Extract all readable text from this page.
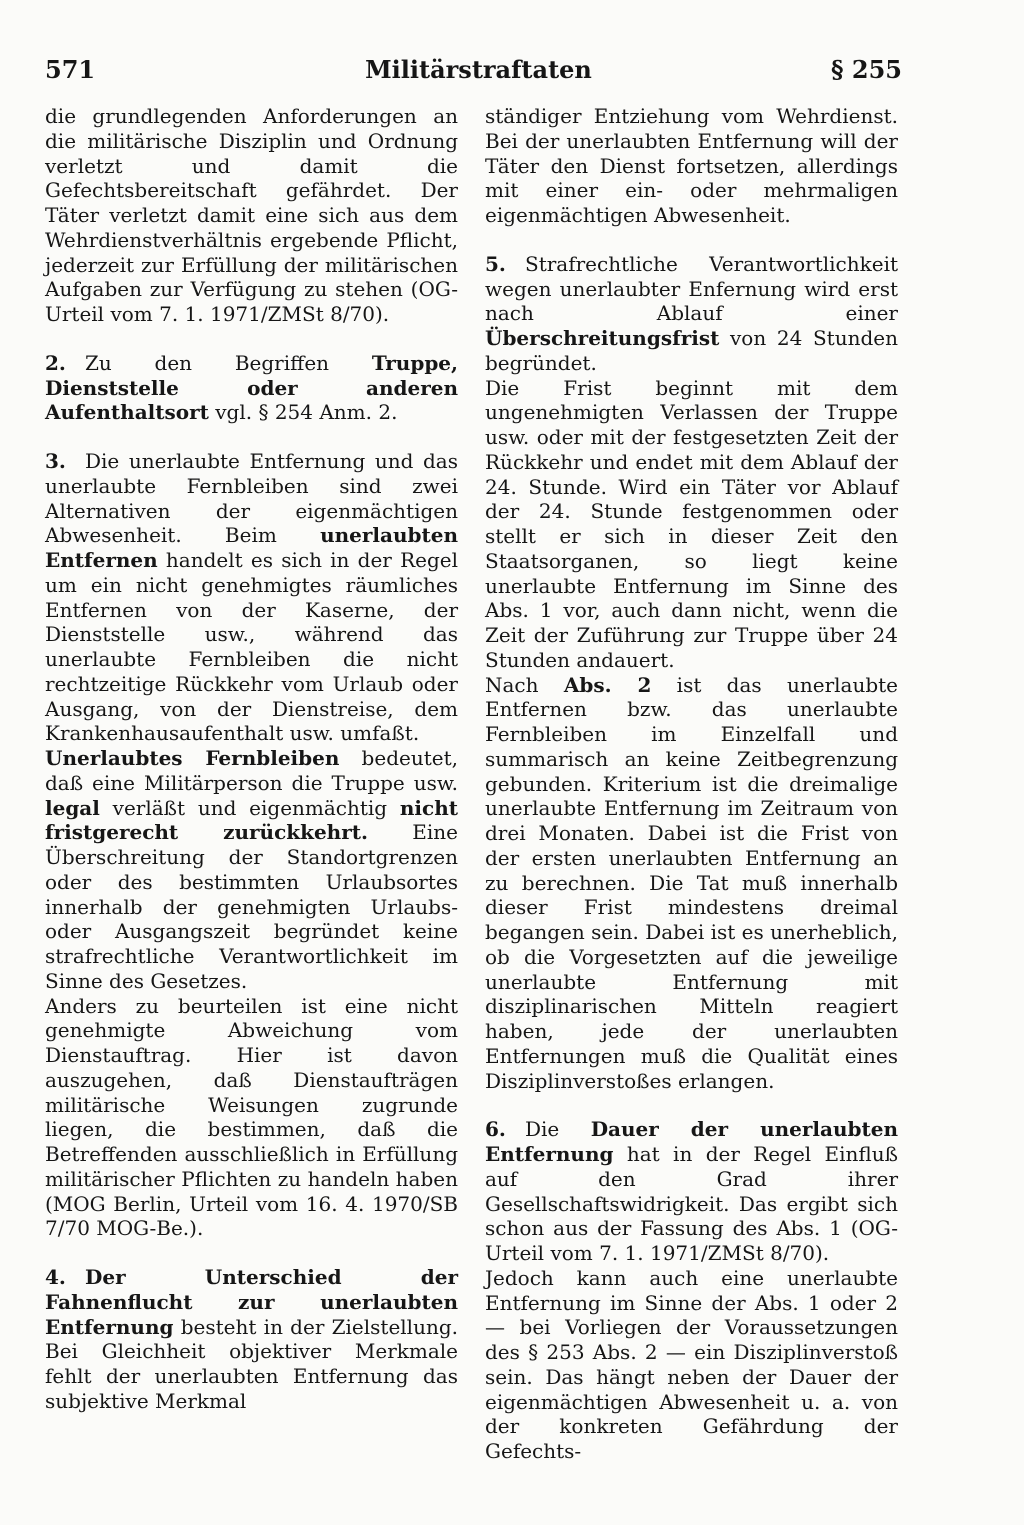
571	Militärstraftaten	§ 255

die grundlegenden Anforderungen an die militärische Disziplin und Ordnung verletzt und damit die Gefechtsbereitschaft gefährdet. Der Täter verletzt damit eine sich aus dem Wehrdienstverhältnis ergebende Pflicht, jederzeit zur Erfüllung der militärischen Aufgaben zur Verfügung zu stehen (OG-Urteil vom 7. 1. 1971/ZMSt 8/70).

2. Zu den Begriffen Truppe, Dienststelle oder anderen Aufenthaltsort vgl. § 254 Anm. 2.

3. Die unerlaubte Entfernung und das unerlaubte Fernbleiben sind zwei Alternativen der eigenmächtigen Abwesenheit. Beim unerlaubten Entfernen handelt es sich in der Regel um ein nicht genehmigtes räumliches Entfernen von der Kaserne, der Dienststelle usw., während das unerlaubte Fernbleiben die nicht rechtzeitige Rückkehr vom Urlaub oder Ausgang, von der Dienstreise, dem Krankenhausaufenthalt usw. umfaßt.

Unerlaubtes Fernbleiben bedeutet, daß eine Militärperson die Truppe usw. legal verläßt und eigenmächtig nicht fristgerecht zurückkehrt. Eine Überschreitung der Standortgrenzen oder des bestimmten Urlaubsortes innerhalb der genehmigten Urlaubs- oder Ausgangszeit begründet keine strafrechtliche Verantwortlichkeit im Sinne des Gesetzes.

Anders zu beurteilen ist eine nicht genehmigte Abweichung vom Dienstauftrag. Hier ist davon auszugehen, daß Dienstaufträgen militärische Weisungen zugrunde liegen, die bestimmen, daß die Betreffenden ausschließlich in Erfüllung militärischer Pflichten zu handeln haben (MOG Berlin, Urteil vom 16. 4. 1970/SB 7/70 MOG-Be.).

4. Der Unterschied der Fahnenflucht zur unerlaubten Entfernung besteht in der Zielstellung. Bei Gleichheit objektiver Merkmale fehlt der unerlaubten Entfernung das subjektive Merkmal

ständiger Entziehung vom Wehrdienst. Bei der unerlaubten Entfernung will der Täter den Dienst fortsetzen, allerdings mit einer ein- oder mehrmaligen eigenmächtigen Abwesenheit.

5. Strafrechtliche Verantwortlichkeit wegen unerlaubter Enfernung wird erst nach Ablauf einer Überschreitungsfrist von 24 Stunden begründet.

Die Frist beginnt mit dem ungenehmigten Verlassen der Truppe usw. oder mit der festgesetzten Zeit der Rückkehr und endet mit dem Ablauf der 24. Stunde. Wird ein Täter vor Ablauf der 24. Stunde festgenommen oder stellt er sich in dieser Zeit den Staatsorganen, so liegt keine unerlaubte Entfernung im Sinne des Abs. 1 vor, auch dann nicht, wenn die Zeit der Zuführung zur Truppe über 24 Stunden andauert.

Nach Abs. 2 ist das unerlaubte Entfernen bzw. das unerlaubte Fernbleiben im Einzelfall und summarisch an keine Zeitbegrenzung gebunden. Kriterium ist die dreimalige unerlaubte Entfernung im Zeitraum von drei Monaten. Dabei ist die Frist von der ersten unerlaubten Entfernung an zu berechnen. Die Tat muß innerhalb dieser Frist mindestens dreimal begangen sein. Dabei ist es unerheblich, ob die Vorgesetzten auf die jeweilige unerlaubte Entfernung mit disziplinarischen Mitteln reagiert haben, jede der unerlaubten Entfernungen muß die Qualität eines Disziplinverstoßes erlangen.

6. Die Dauer der unerlaubten Entfernung hat in der Regel Einfluß auf den Grad ihrer Gesellschaftswidrigkeit. Das ergibt sich schon aus der Fassung des Abs. 1 (OG-Urteil vom 7. 1. 1971/ZMSt 8/70).

Jedoch kann auch eine unerlaubte Entfernung im Sinne der Abs. 1 oder 2 — bei Vorliegen der Voraussetzungen des § 253 Abs. 2 — ein Disziplinverstoß sein. Das hängt neben der Dauer der eigenmächtigen Abwesenheit u. a. von der konkreten Gefährdung der Gefechts-
